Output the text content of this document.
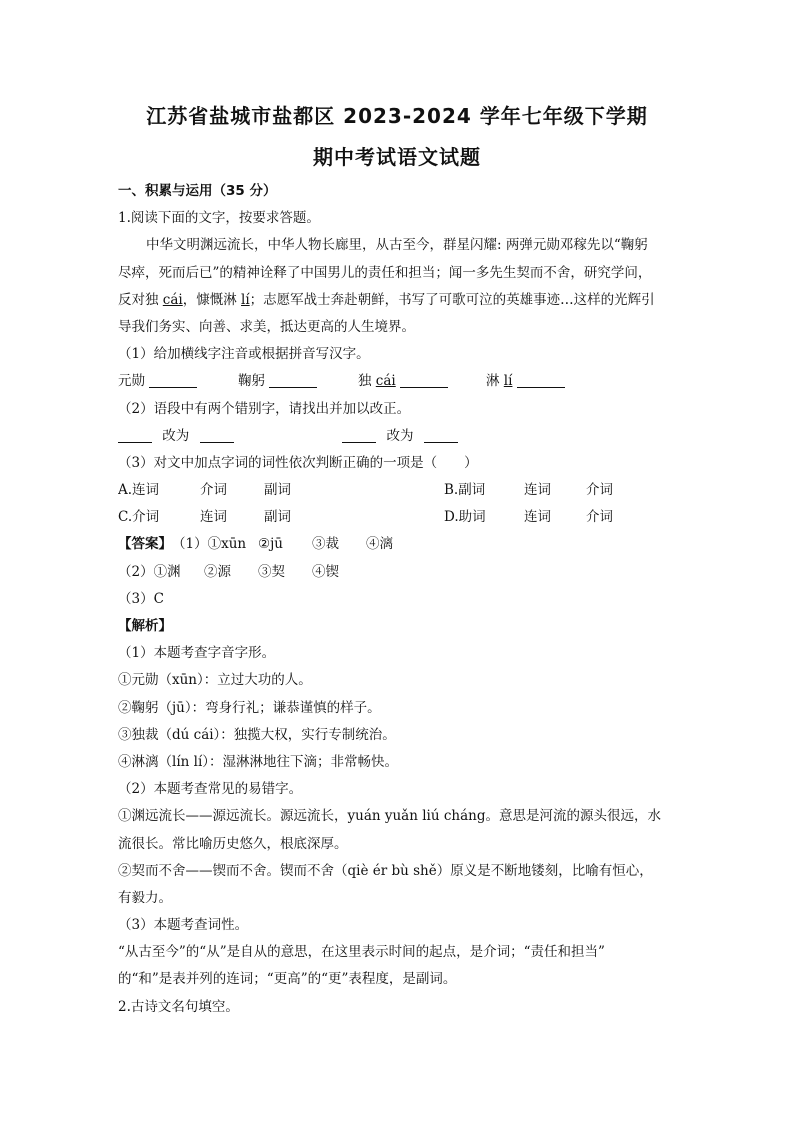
江苏省盐城市盐都区 2023-2024 学年七年级下学期
期中考试语文试题
一、积累与运用（35 分）
1.阅读下面的文字，按要求答题。
中华文明渊远流长，中华人物长廊里，从古至今，群星闪耀: 两弹元勋邓稼先以“鞠躬
尽瘁，死而后已”的精神诠释了中国男儿的责任和担当；闻一多先生契而不舍，研究学问，
反对独 cái，慷慨淋 lí；志愿军战士奔赴朝鲜，书写了可歌可泣的英雄事迹…这样的光辉引
导我们务实、向善、求美，抵达更高的人生境界。
（1）给加横线字注音或根据拼音写汉字。
元勋	鞠躬	独 cái	淋 lí
（2）语段中有两个错别字，请找出并加以改正。
改为	改为
（3）对文中加点字词的词性依次判断正确的一项是（　　）
A.连词	介词	副词	B.副词	连词	介词
C.介词	连词	副词	D.助词	连词	介词
【答案】（1）①xūn ②jū ③裁 ④漓
（2）①渊 ②源 ③契 ④锲
（3）C
【解析】
（1）本题考查字音字形。
①元勋（xūn）：立过大功的人。
②鞠躬（jū）：弯身行礼；谦恭谨慎的样子。
③独裁（dú cái）：独揽大权，实行专制统治。
④淋漓（lín lí）：湿淋淋地往下滴；非常畅快。
（2）本题考查常见的易错字。
①渊远流长——源远流长。源远流长，yuán yuǎn liú cháng。意思是河流的源头很远，水
流很长。常比喻历史悠久，根底深厚。
②契而不舍——锲而不舍。锲而不舍（qiè ér bù shě）原义是不断地镂刻，比喻有恒心，
有毅力。
（3）本题考查词性。
“从古至今”的“从”是自从的意思，在这里表示时间的起点，是介词；“责任和担当”
的“和”是表并列的连词；“更高”的“更”表程度，是副词。
2.古诗文名句填空。
